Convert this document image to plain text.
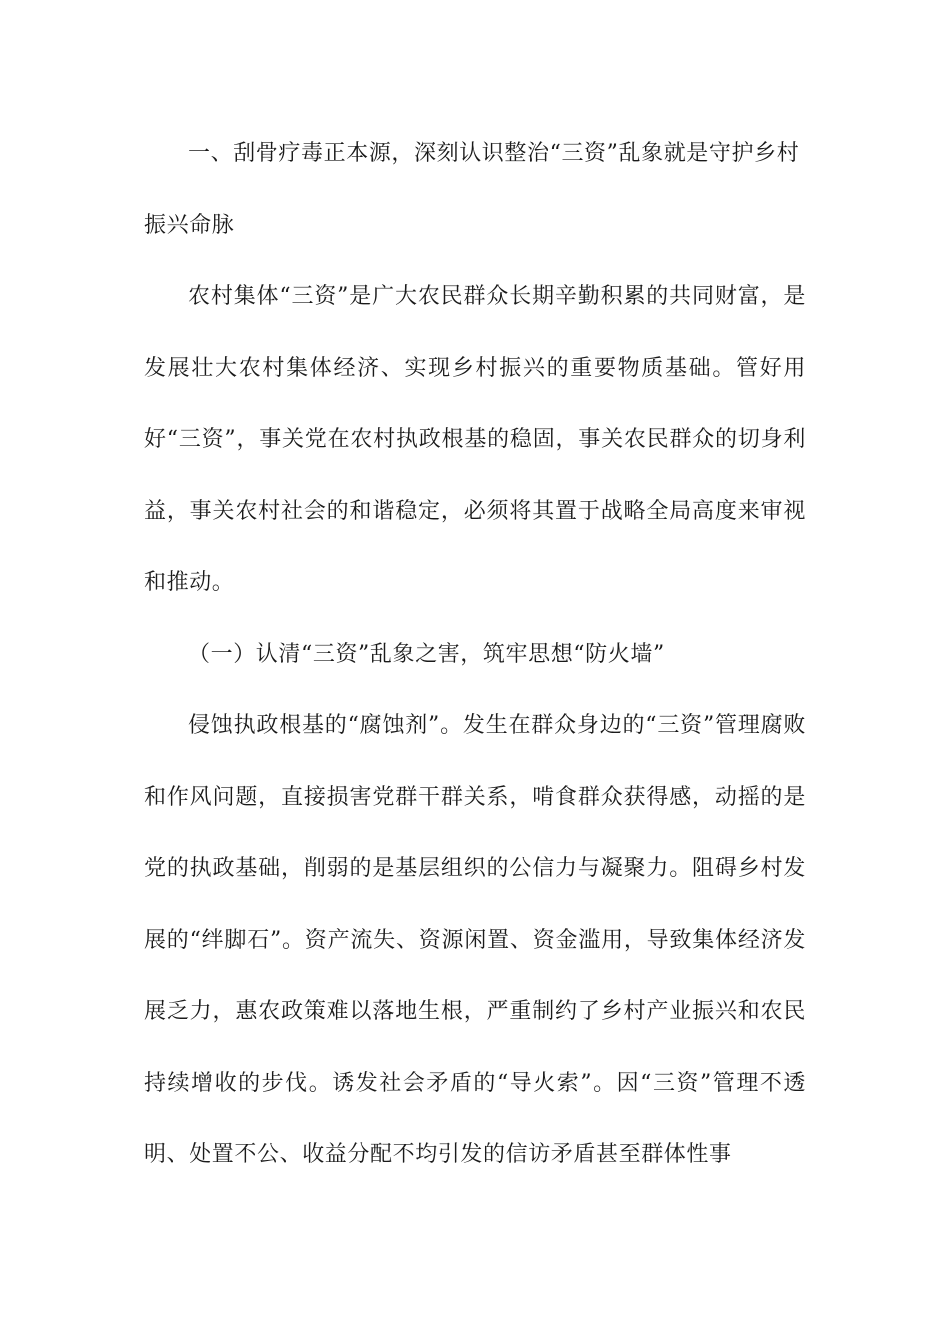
一、刮骨疗毒正本源，深刻认识整治“三资”乱象就是守护乡村振兴命脉

农村集体“三资”是广大农民群众长期辛勤积累的共同财富，是发展壮大农村集体经济、实现乡村振兴的重要物质基础。管好用好“三资”，事关党在农村执政根基的稳固，事关农民群众的切身利益，事关农村社会的和谐稳定，必须将其置于战略全局高度来审视和推动。

（一）认清“三资”乱象之害，筑牢思想“防火墙”

侵蚀执政根基的“腐蚀剂”。发生在群众身边的“三资”管理腐败和作风问题，直接损害党群干群关系，啃食群众获得感，动摇的是党的执政基础，削弱的是基层组织的公信力与凝聚力。阻碍乡村发展的“绊脚石”。资产流失、资源闲置、资金滥用，导致集体经济发展乏力，惠农政策难以落地生根，严重制约了乡村产业振兴和农民持续增收的步伐。诱发社会矛盾的“导火索”。因“三资”管理不透明、处置不公、收益分配不均引发的信访矛盾甚至群体性事
